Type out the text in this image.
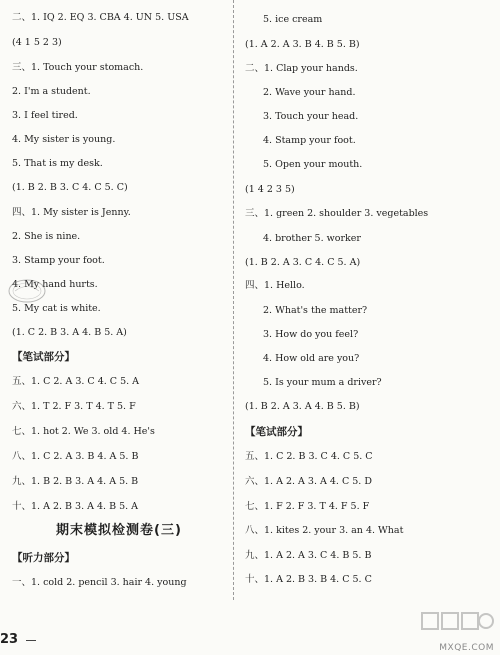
二、1. IQ 2. EQ 3. CBA 4. UN 5. USA
(4 1 5 2 3)
三、1. Touch your stomach.
2. I'm a student.
3. I feel tired.
4. My sister is young.
5. That is my desk.
(1. B 2. B 3. C 4. C 5. C)
四、1. My sister is Jenny.
2. She is nine.
3. Stamp your foot.
4. My hand hurts.
5. My cat is white.
(1. C 2. B 3. A 4. B 5. A)
【笔试部分】
五、1. C 2. A 3. C 4. C 5. A
六、1. T 2. F 3. T 4. T 5. F
七、1. hot 2. We 3. old 4. He's
八、1. C 2. A 3. B 4. A 5. B
九、1. B 2. B 3. A 4. A 5. B
十、1. A 2. B 3. A 4. B 5. A
期末模拟检测卷(三)
【听力部分】
一、1. cold 2. pencil 3. hair 4. young
5. ice cream
(1. A 2. A 3. B 4. B 5. B)
二、1. Clap your hands.
2. Wave your hand.
3. Touch your head.
4. Stamp your foot.
5. Open your mouth.
(1 4 2 3 5)
三、1. green 2. shoulder 3. vegetables
4. brother 5. worker
(1. B 2. A 3. C 4. C 5. A)
四、1. Hello.
2. What's the matter?
3. How do you feel?
4. How old are you?
5. Is your mum a driver?
(1. B 2. A 3. A 4. B 5. B)
【笔试部分】
五、1. C 2. B 3. C 4. C 5. C
六、1. A 2. A 3. A 4. C 5. D
七、1. F 2. F 3. T 4. F 5. F
八、1. kites 2. your 3. an 4. What
九、1. A 2. A 3. C 4. B 5. B
十、1. A 2. B 3. B 4. C 5. C
23
MXQE.COM
